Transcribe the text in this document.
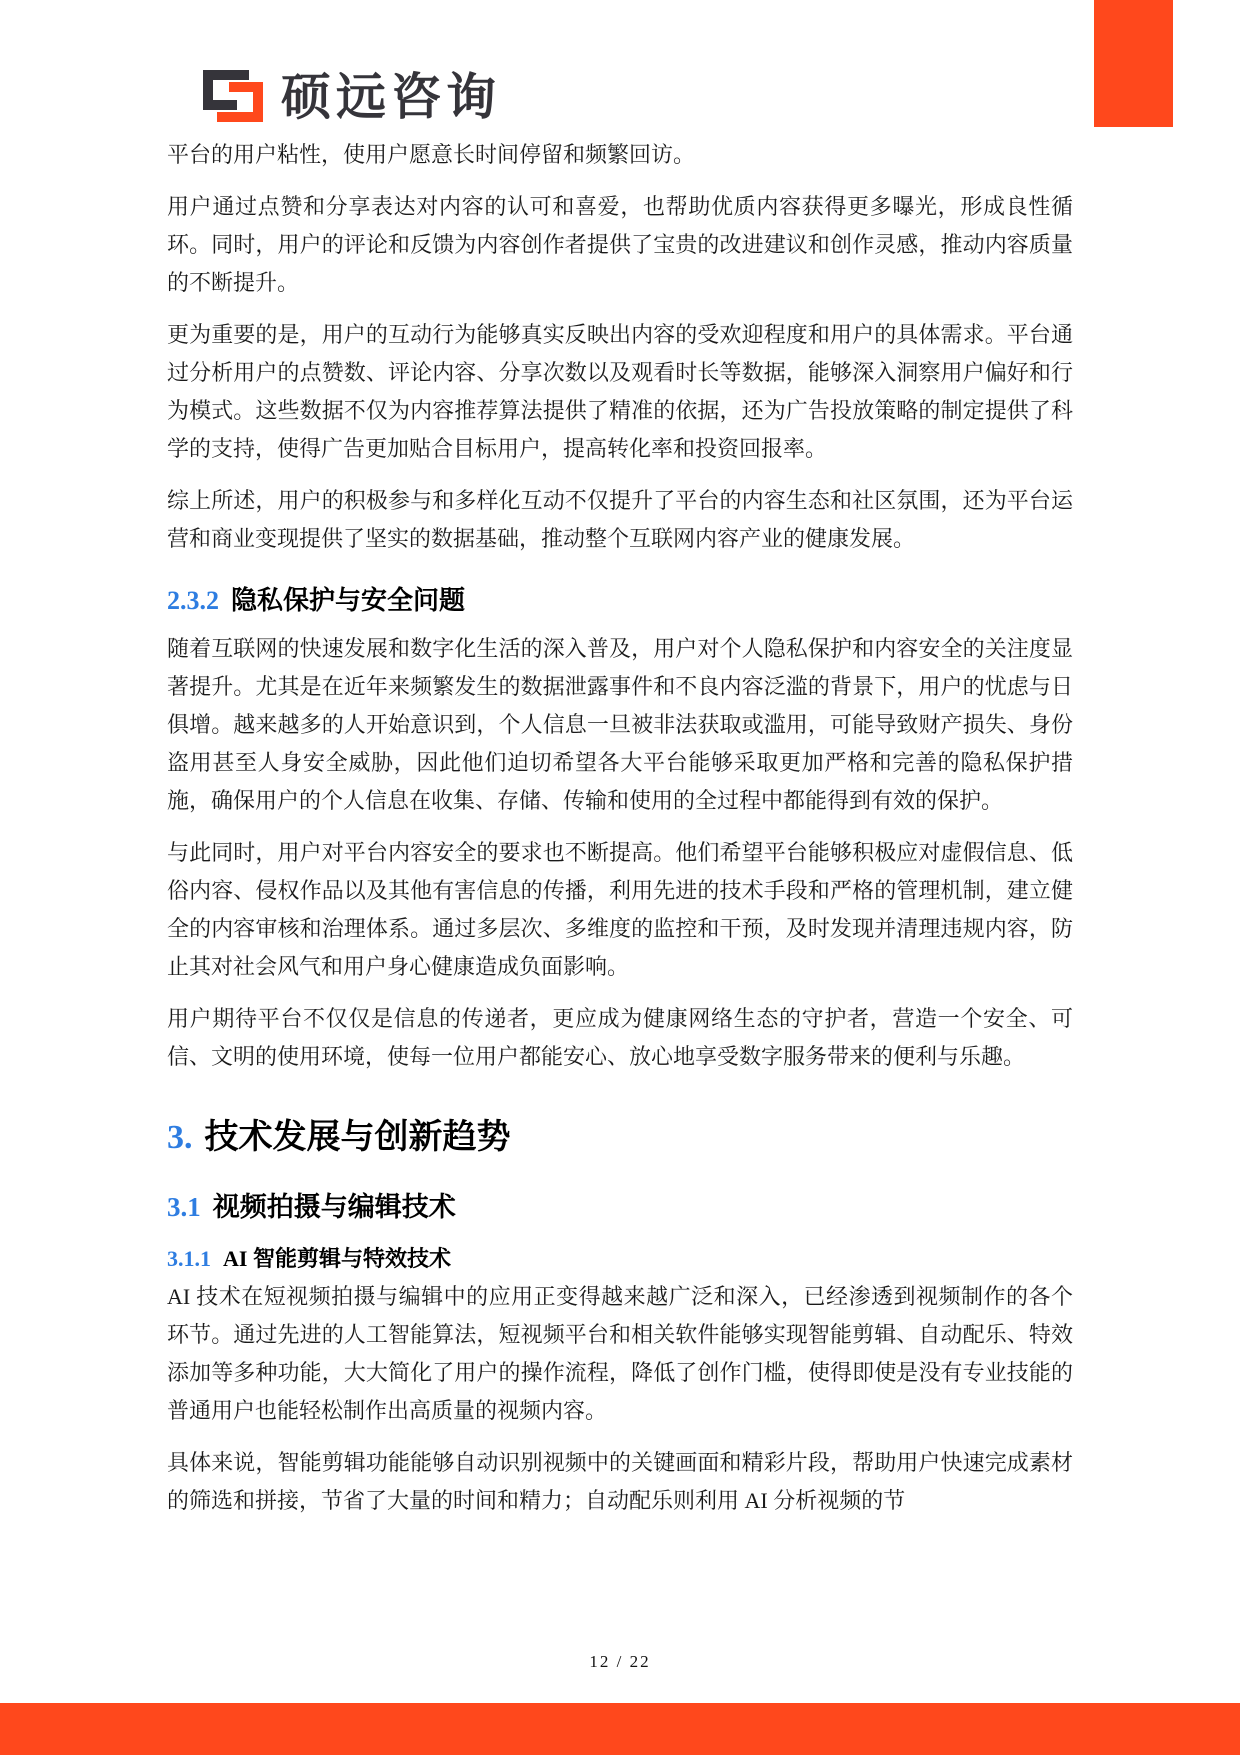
硕远咨询

平台的用户粘性，使用户愿意长时间停留和频繁回访。

用户通过点赞和分享表达对内容的认可和喜爱，也帮助优质内容获得更多曝光，形成良性循环。同时，用户的评论和反馈为内容创作者提供了宝贵的改进建议和创作灵感，推动内容质量的不断提升。

更为重要的是，用户的互动行为能够真实反映出内容的受欢迎程度和用户的具体需求。平台通过分析用户的点赞数、评论内容、分享次数以及观看时长等数据，能够深入洞察用户偏好和行为模式。这些数据不仅为内容推荐算法提供了精准的依据，还为广告投放策略的制定提供了科学的支持，使得广告更加贴合目标用户，提高转化率和投资回报率。

综上所述，用户的积极参与和多样化互动不仅提升了平台的内容生态和社区氛围，还为平台运营和商业变现提供了坚实的数据基础，推动整个互联网内容产业的健康发展。

2.3.2 隐私保护与安全问题

随着互联网的快速发展和数字化生活的深入普及，用户对个人隐私保护和内容安全的关注度显著提升。尤其是在近年来频繁发生的数据泄露事件和不良内容泛滥的背景下，用户的忧虑与日俱增。越来越多的人开始意识到，个人信息一旦被非法获取或滥用，可能导致财产损失、身份盗用甚至人身安全威胁，因此他们迫切希望各大平台能够采取更加严格和完善的隐私保护措施，确保用户的个人信息在收集、存储、传输和使用的全过程中都能得到有效的保护。

与此同时，用户对平台内容安全的要求也不断提高。他们希望平台能够积极应对虚假信息、低俗内容、侵权作品以及其他有害信息的传播，利用先进的技术手段和严格的管理机制，建立健全的内容审核和治理体系。通过多层次、多维度的监控和干预，及时发现并清理违规内容，防止其对社会风气和用户身心健康造成负面影响。

用户期待平台不仅仅是信息的传递者，更应成为健康网络生态的守护者，营造一个安全、可信、文明的使用环境，使每一位用户都能安心、放心地享受数字服务带来的便利与乐趣。

3. 技术发展与创新趋势
3.1 视频拍摄与编辑技术
3.1.1 AI 智能剪辑与特效技术

AI 技术在短视频拍摄与编辑中的应用正变得越来越广泛和深入，已经渗透到视频制作的各个环节。通过先进的人工智能算法，短视频平台和相关软件能够实现智能剪辑、自动配乐、特效添加等多种功能，大大简化了用户的操作流程，降低了创作门槛，使得即使是没有专业技能的普通用户也能轻松制作出高质量的视频内容。

具体来说，智能剪辑功能能够自动识别视频中的关键画面和精彩片段，帮助用户快速完成素材的筛选和拼接，节省了大量的时间和精力；自动配乐则利用 AI 分析视频的节

12 / 22
